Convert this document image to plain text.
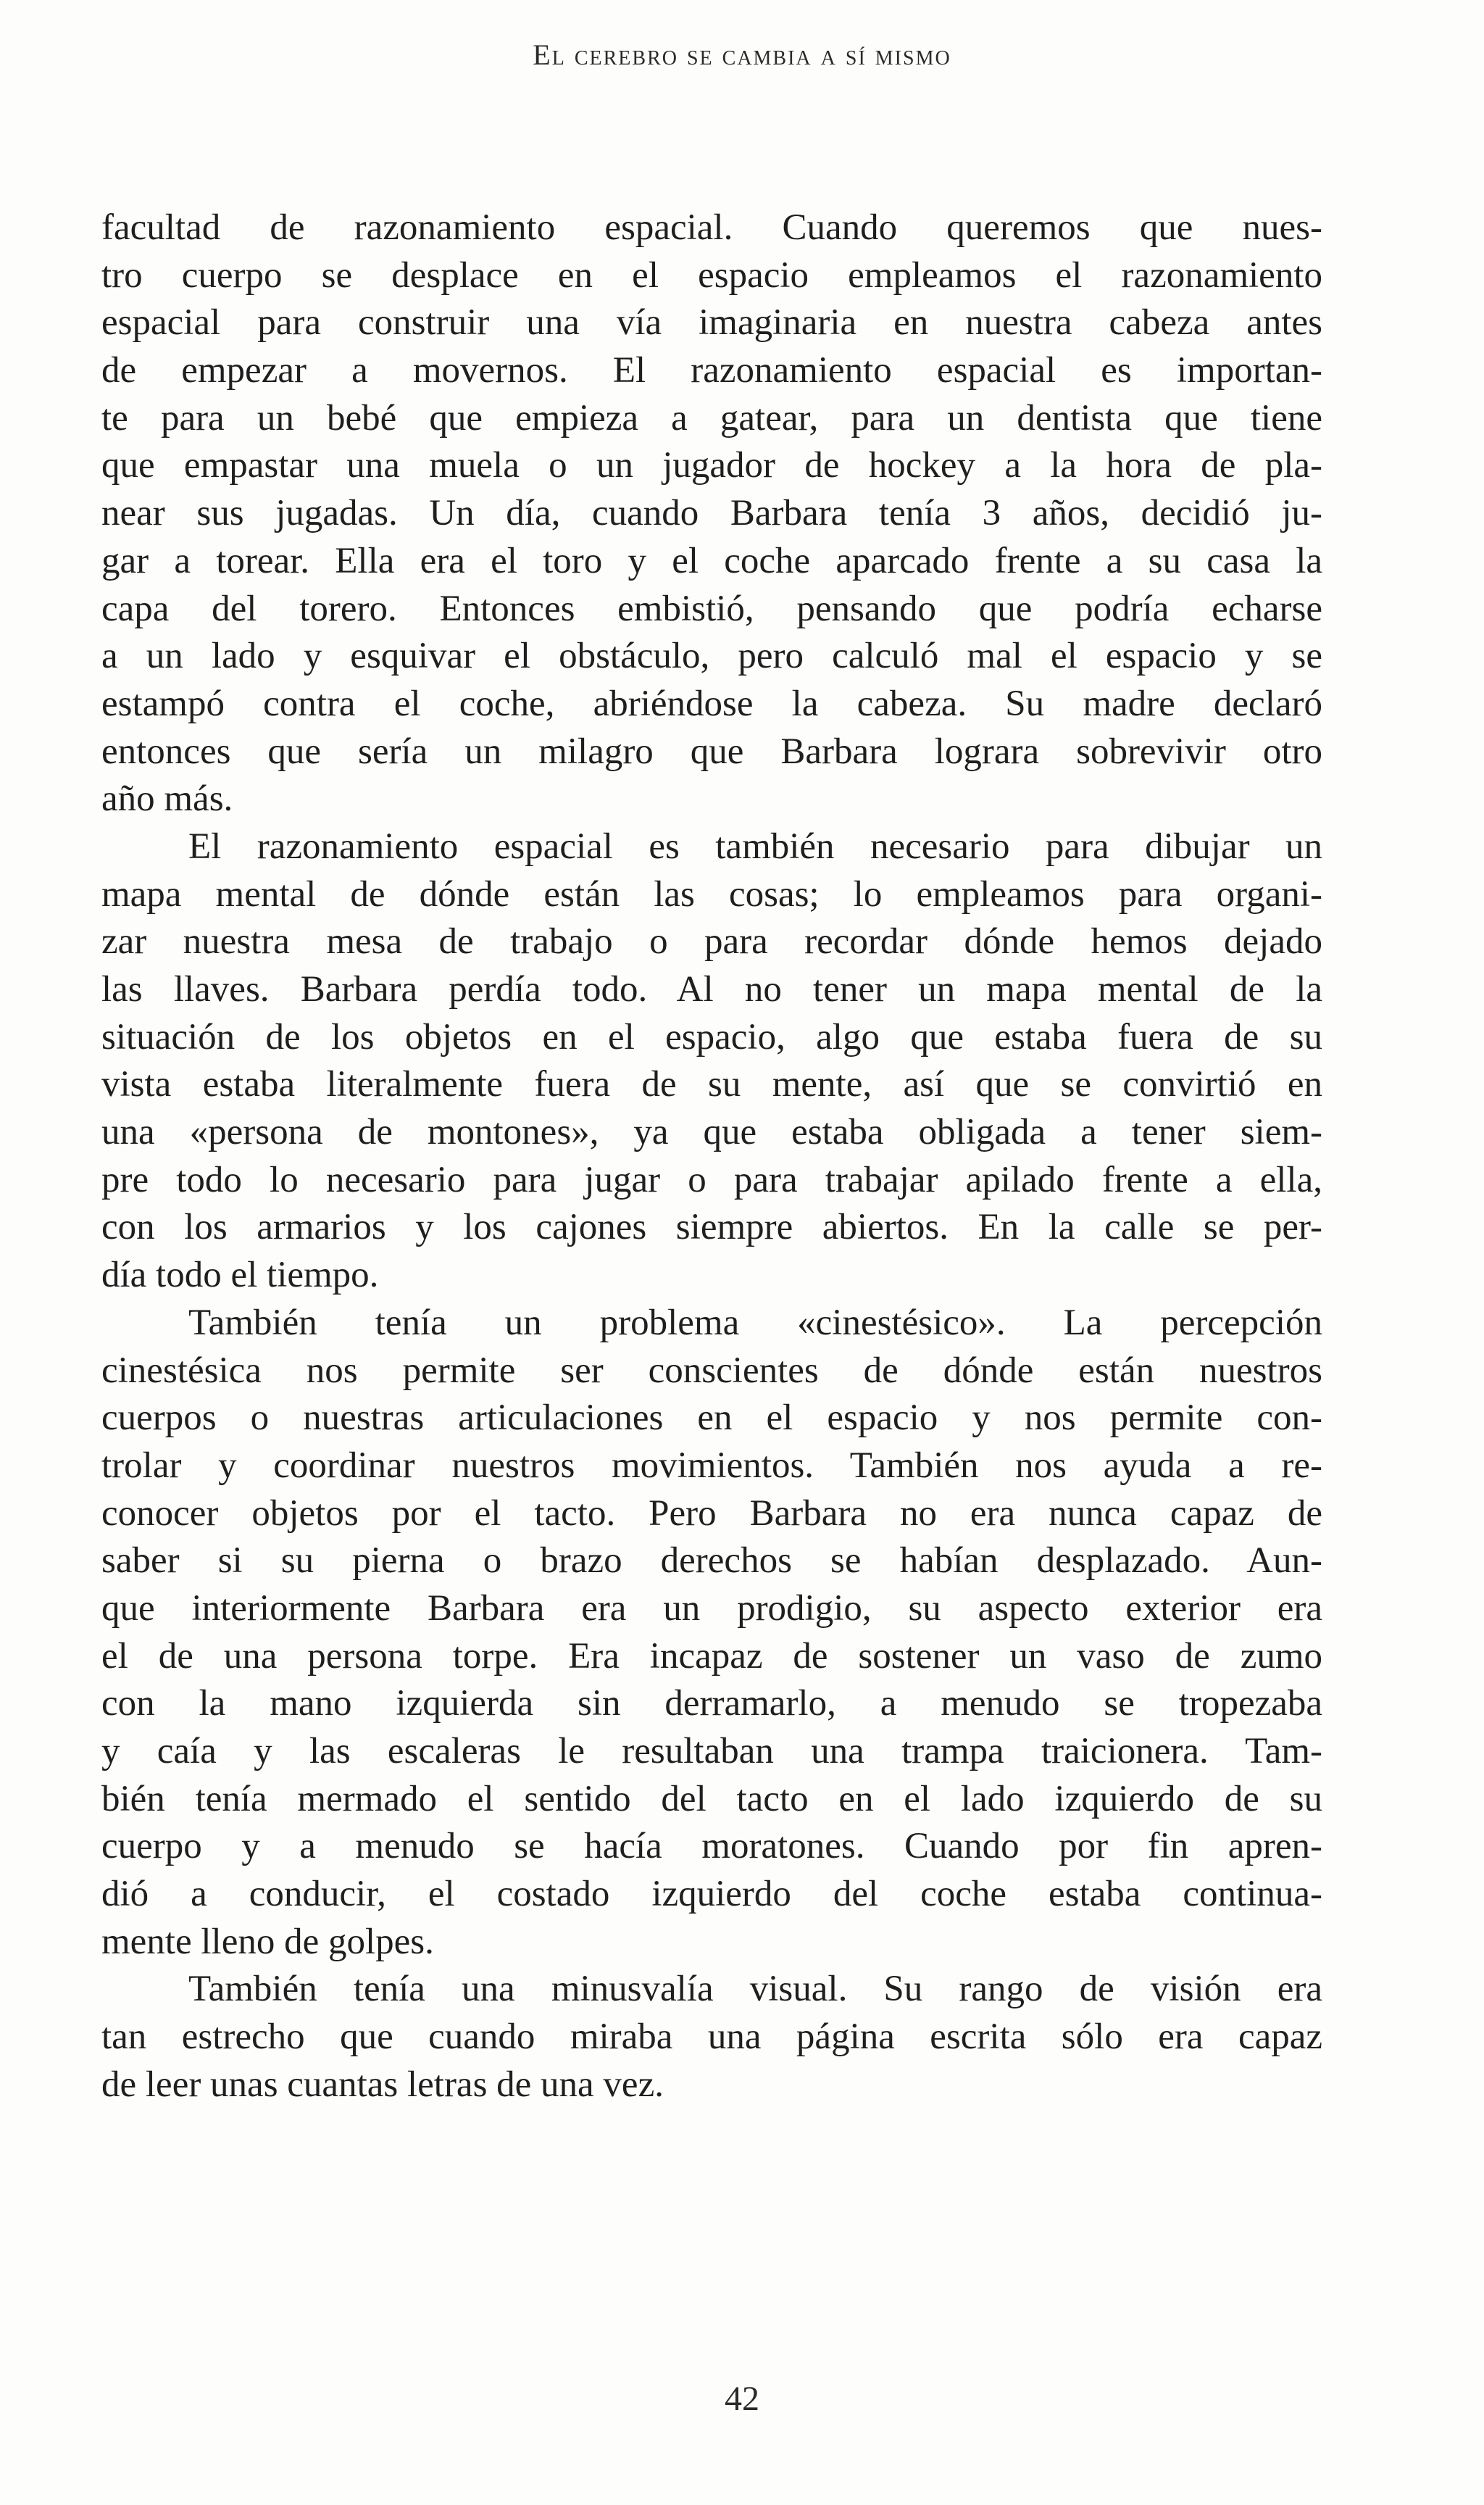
El cerebro se cambia a sí mismo
facultad de razonamiento espacial. Cuando queremos que nues-
tro cuerpo se desplace en el espacio empleamos el razonamiento
espacial para construir una vía imaginaria en nuestra cabeza antes
de empezar a movernos. El razonamiento espacial es importan-
te para un bebé que empieza a gatear, para un dentista que tiene
que empastar una muela o un jugador de hockey a la hora de pla-
near sus jugadas. Un día, cuando Barbara tenía 3 años, decidió ju-
gar a torear. Ella era el toro y el coche aparcado frente a su casa la
capa del torero. Entonces embistió, pensando que podría echarse
a un lado y esquivar el obstáculo, pero calculó mal el espacio y se
estampó contra el coche, abriéndose la cabeza. Su madre declaró
entonces que sería un milagro que Barbara lograra sobrevivir otro
año más.
El razonamiento espacial es también necesario para dibujar un
mapa mental de dónde están las cosas; lo empleamos para organi-
zar nuestra mesa de trabajo o para recordar dónde hemos dejado
las llaves. Barbara perdía todo. Al no tener un mapa mental de la
situación de los objetos en el espacio, algo que estaba fuera de su
vista estaba literalmente fuera de su mente, así que se convirtió en
una «persona de montones», ya que estaba obligada a tener siem-
pre todo lo necesario para jugar o para trabajar apilado frente a ella,
con los armarios y los cajones siempre abiertos. En la calle se per-
día todo el tiempo.
También tenía un problema «cinestésico». La percepción
cinestésica nos permite ser conscientes de dónde están nuestros
cuerpos o nuestras articulaciones en el espacio y nos permite con-
trolar y coordinar nuestros movimientos. También nos ayuda a re-
conocer objetos por el tacto. Pero Barbara no era nunca capaz de
saber si su pierna o brazo derechos se habían desplazado. Aun-
que interiormente Barbara era un prodigio, su aspecto exterior era
el de una persona torpe. Era incapaz de sostener un vaso de zumo
con la mano izquierda sin derramarlo, a menudo se tropezaba
y caía y las escaleras le resultaban una trampa traicionera. Tam-
bién tenía mermado el sentido del tacto en el lado izquierdo de su
cuerpo y a menudo se hacía moratones. Cuando por fin apren-
dió a conducir, el costado izquierdo del coche estaba continua-
mente lleno de golpes.
También tenía una minusvalía visual. Su rango de visión era
tan estrecho que cuando miraba una página escrita sólo era capaz
de leer unas cuantas letras de una vez.
42
